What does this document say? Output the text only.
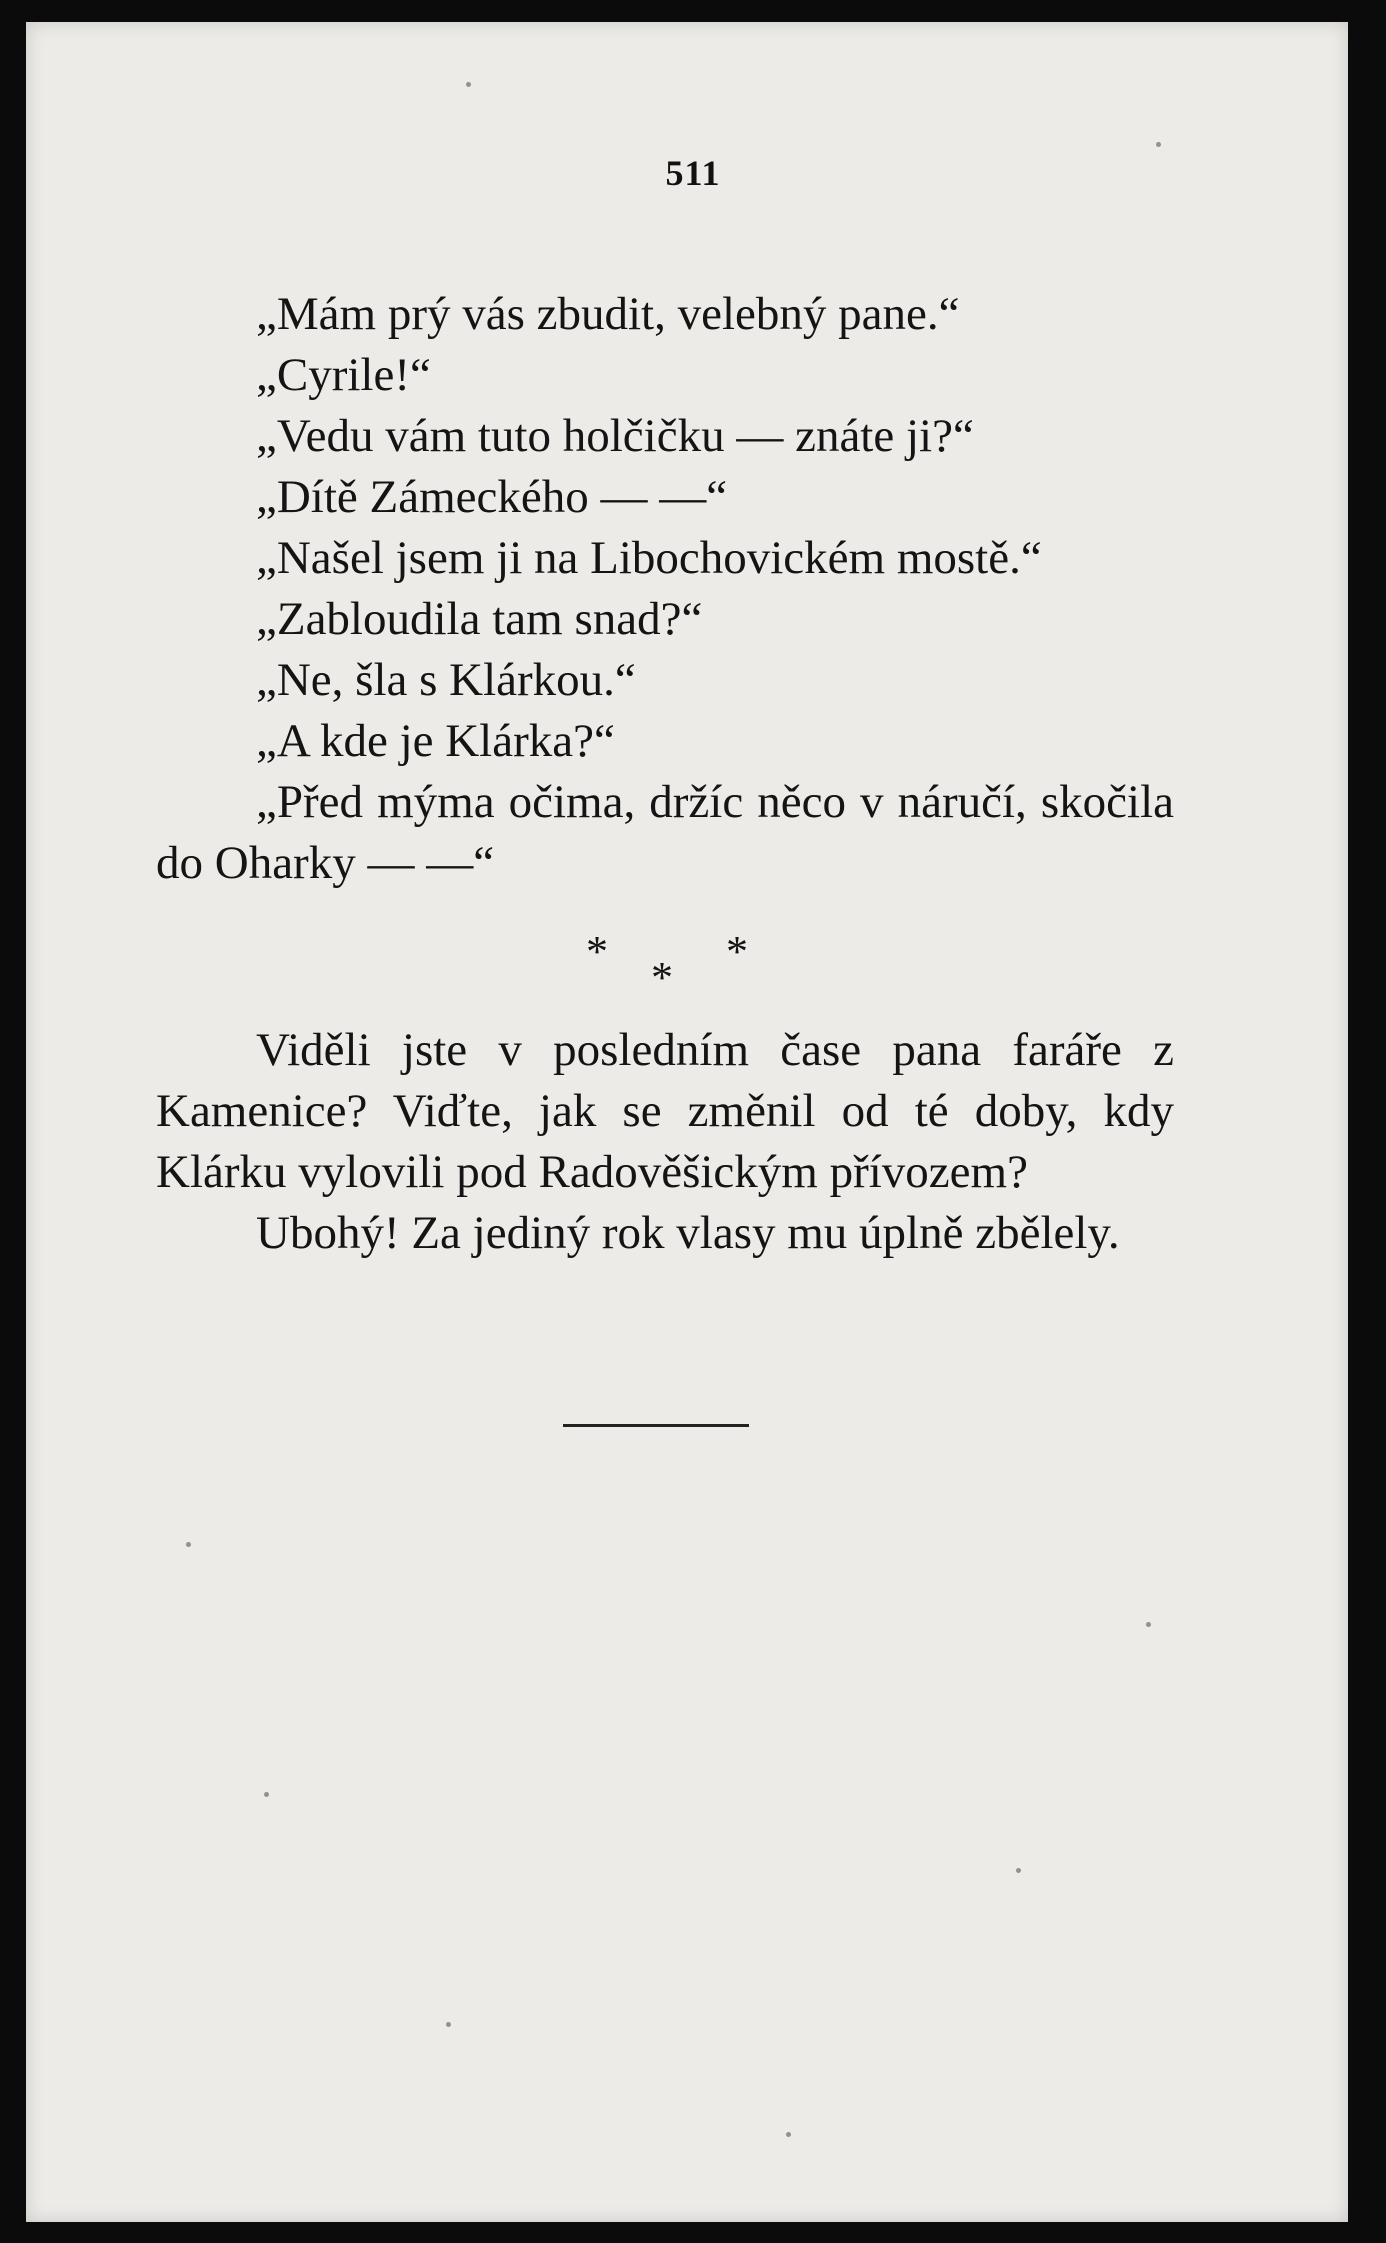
511
„Mám prý vás zbudit, velebný pane.“
„Cyrile!“
„Vedu vám tuto holčičku — znáte ji?“
„Dítě Zámeckého — —“
„Našel jsem ji na Libochovickém mostě.“
„Zabloudila tam snad?“
„Ne, šla s Klárkou.“
„A kde je Klárka?“
„Před mýma očima, držíc něco v náručí, skočila do Oharky — —“
*
*
*
Viděli jste v posledním čase pana faráře z Kamenice? Viďte, jak se změnil od té doby, kdy Klárku vylovili pod Radověšickým přívozem?
Ubohý! Za jediný rok vlasy mu úplně zbělely.
